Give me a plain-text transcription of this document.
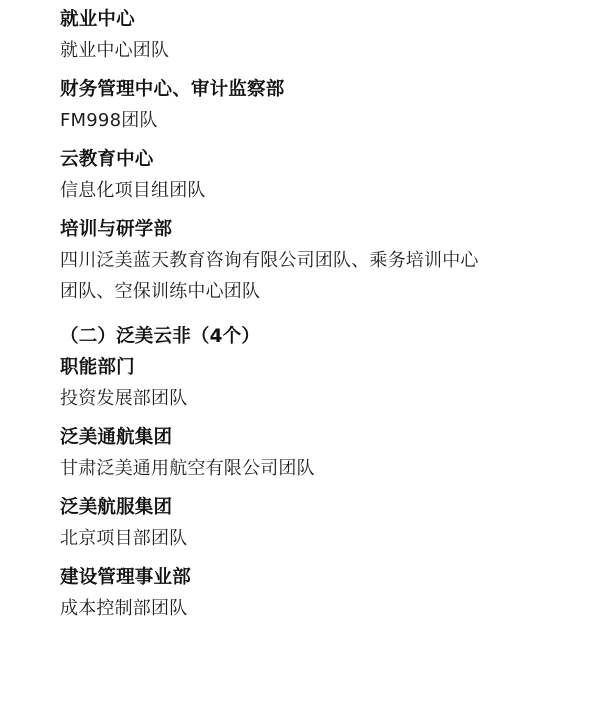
就业中心
就业中心团队
财务管理中心、审计监察部
FM998团队
云教育中心
信息化项目组团队
培训与研学部
四川泛美蓝天教育咨询有限公司团队、乘务培训中心
团队、空保训练中心团队
（二）泛美云非（4个）
职能部门
投资发展部团队
泛美通航集团
甘肃泛美通用航空有限公司团队
泛美航服集团
北京项目部团队
建设管理事业部
成本控制部团队
